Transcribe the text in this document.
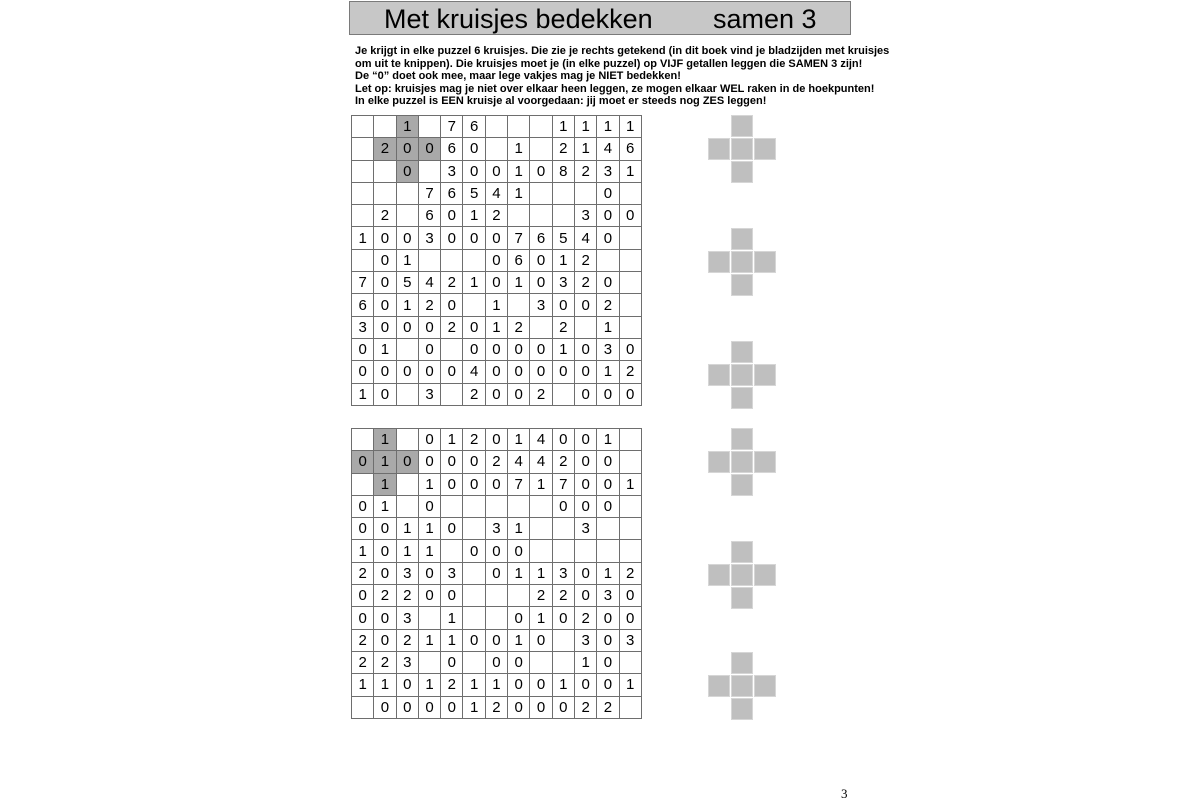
Met kruisjes bedekken samen 3
Je krijgt in elke puzzel 6 kruisjes. Die zie je rechts getekend (in dit boek vind je bladzijden met kruisjes
om uit te knippen). Die kruisjes moet je (in elke puzzel) op VIJF getallen leggen die SAMEN 3 zijn!
De “0” doet ook mee, maar lege vakjes mag je NIET bedekken!
Let op: kruisjes mag je niet over elkaar heen leggen, ze mogen elkaar WEL raken in de hoekpunten!
In elke puzzel is EEN kruisje al voorgedaan: jij moet er steeds nog ZES leggen!
		1		7	6				1	1	1	1
	2	0	0	6	0		1		2	1	4	6
		0		3	0	0	1	0	8	2	3	1
			7	6	5	4	1				0	
	2		6	0	1	2				3	0	0
1	0	0	3	0	0	0	7	6	5	4	0	
	0	1				0	6	0	1	2		
7	0	5	4	2	1	0	1	0	3	2	0	
6	0	1	2	0		1		3	0	0	2	
3	0	0	0	2	0	1	2		2		1	
0	1		0		0	0	0	0	1	0	3	0
0	0	0	0	0	4	0	0	0	0	0	1	2
1	0		3		2	0	0	2		0	0	0
	1		0	1	2	0	1	4	0	0	1	
0	1	0	0	0	0	2	4	4	2	0	0	
	1		1	0	0	0	7	1	7	0	0	1
0	1		0						0	0	0	
0	0	1	1	0		3	1			3		
1	0	1	1		0	0	0					
2	0	3	0	3		0	1	1	3	0	1	2
0	2	2	0	0				2	2	0	3	0
0	0	3		1			0	1	0	2	0	0
2	0	2	1	1	0	0	1	0		3	0	3
2	2	3		0		0	0			1	0	
1	1	0	1	2	1	1	0	0	1	0	0	1
	0	0	0	0	1	2	0	0	0	2	2	
3
